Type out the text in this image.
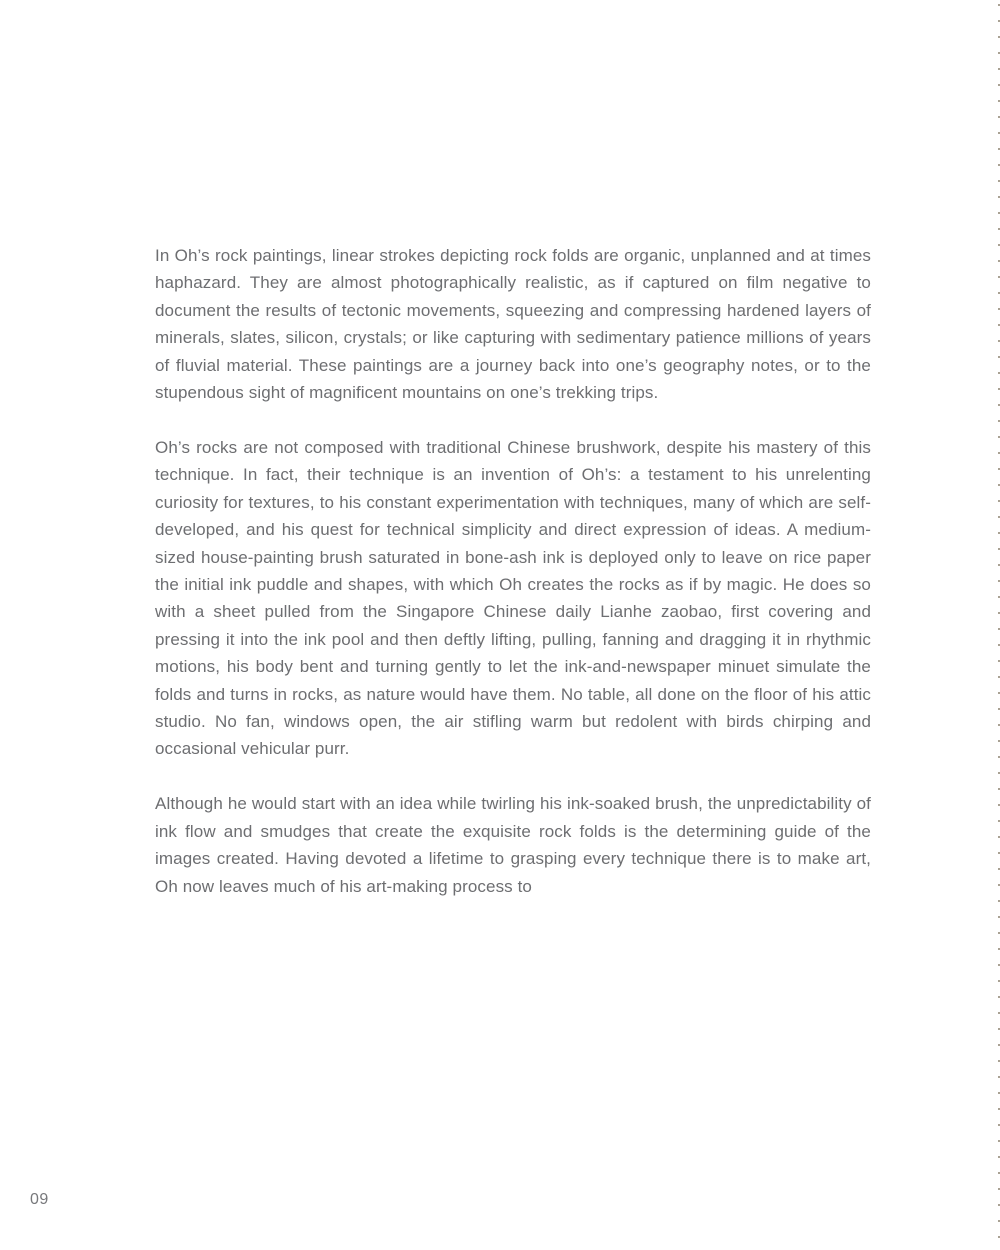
In Oh’s rock paintings, linear strokes depicting rock folds are organic, unplanned and at times haphazard. They are almost photographically realistic, as if captured on film negative to document the results of tectonic movements, squeezing and compressing hardened layers of minerals, slates, silicon, crystals; or like capturing with sedimentary patience millions of years of fluvial material. These paintings are a journey back into one’s geography notes, or to the stupendous sight of magnificent mountains on one’s trekking trips.

Oh’s rocks are not composed with traditional Chinese brushwork, despite his mastery of this technique. In fact, their technique is an invention of Oh’s: a testament to his unrelenting curiosity for textures, to his constant experimentation with techniques, many of which are self-developed, and his quest for technical simplicity and direct expression of ideas. A medium-sized house-painting brush saturated in bone-ash ink is deployed only to leave on rice paper the initial ink puddle and shapes, with which Oh creates the rocks as if by magic. He does so with a sheet pulled from the Singapore Chinese daily Lianhe zaobao, first covering and pressing it into the ink pool and then deftly lifting, pulling, fanning and dragging it in rhythmic motions, his body bent and turning gently to let the ink-and-newspaper minuet simulate the folds and turns in rocks, as nature would have them. No table, all done on the floor of his attic studio. No fan, windows open, the air stifling warm but redolent with birds chirping and occasional vehicular purr.

Although he would start with an idea while twirling his ink-soaked brush, the unpredictability of ink flow and smudges that create the exquisite rock folds is the determining guide of the images created. Having devoted a lifetime to grasping every technique there is to make art, Oh now leaves much of his art-making process to

09
